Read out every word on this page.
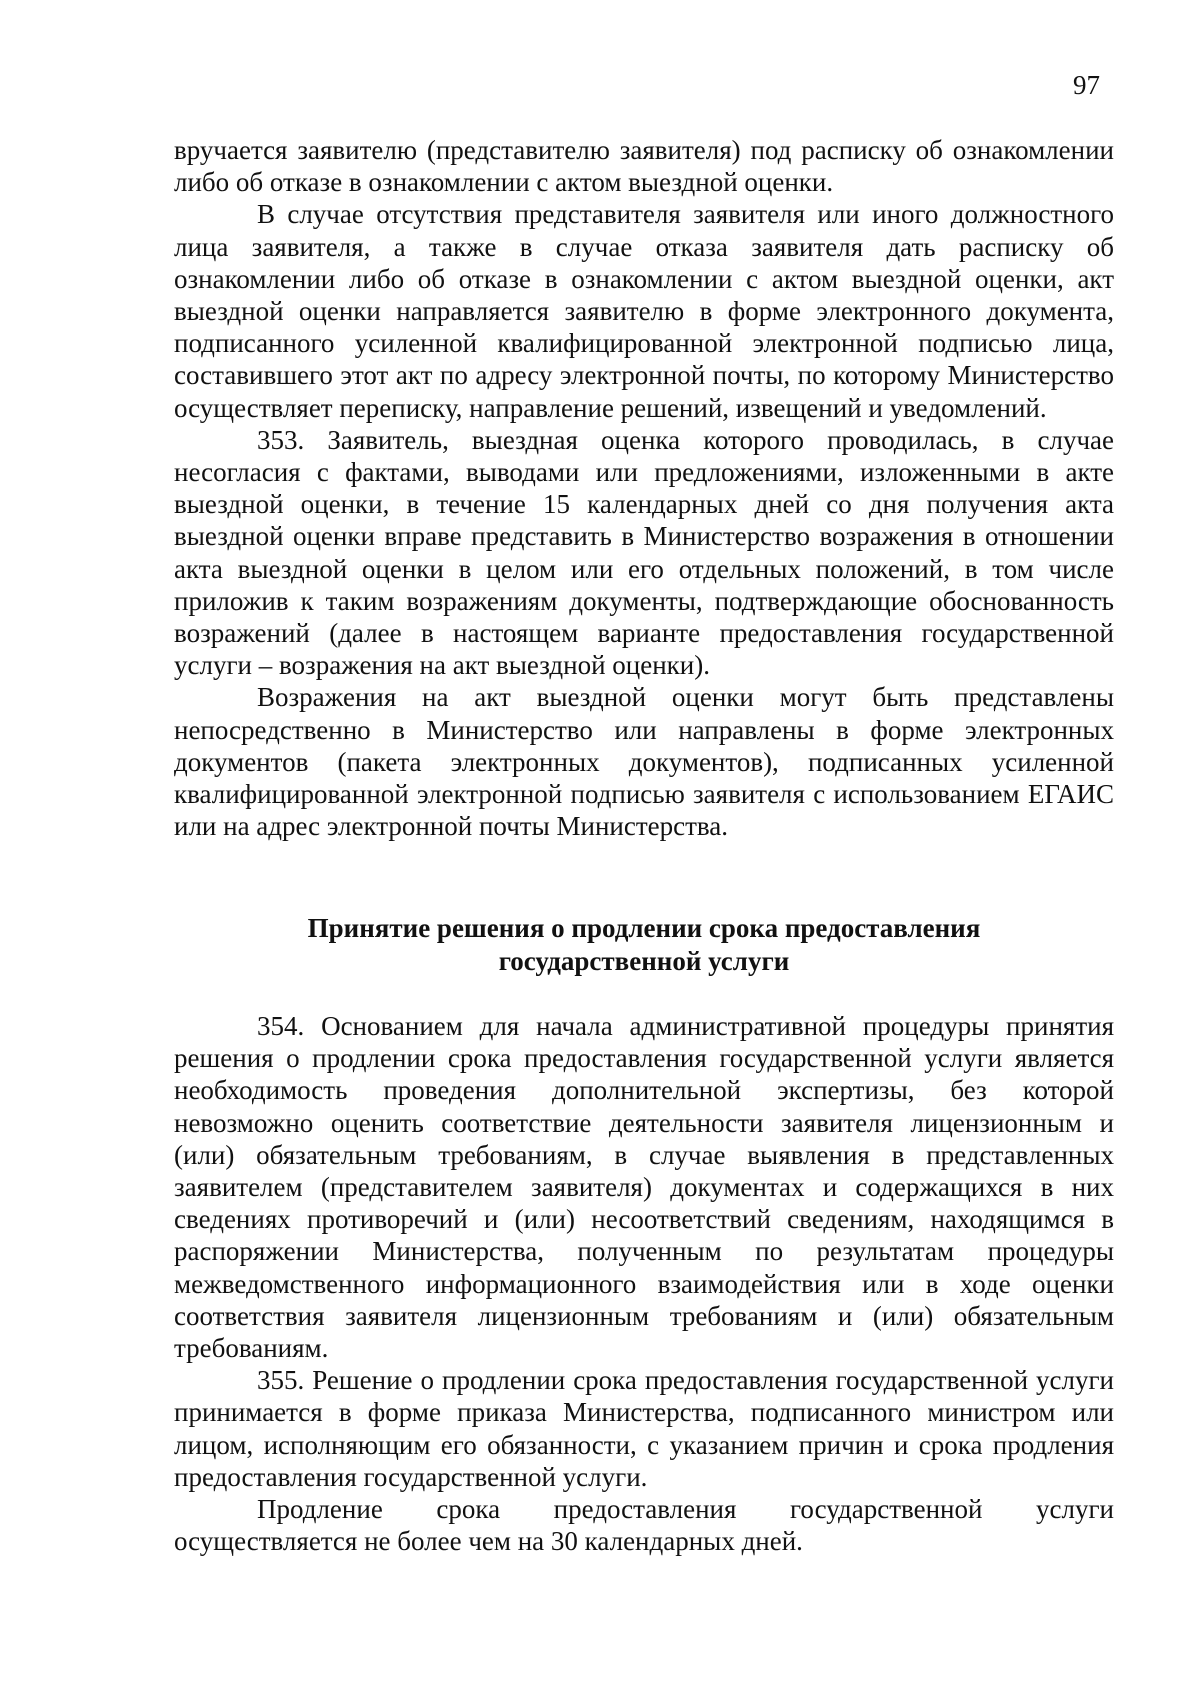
97

вручается заявителю (представителю заявителя) под расписку об ознакомлении либо об отказе в ознакомлении с актом выездной оценки.

В случае отсутствия представителя заявителя или иного должностного лица заявителя, а также в случае отказа заявителя дать расписку об ознакомлении либо об отказе в ознакомлении с актом выездной оценки, акт выездной оценки направляется заявителю в форме электронного документа, подписанного усиленной квалифицированной электронной подписью лица, составившего этот акт по адресу электронной почты, по которому Министерство осуществляет переписку, направление решений, извещений и уведомлений.

353. Заявитель, выездная оценка которого проводилась, в случае несогласия с фактами, выводами или предложениями, изложенными в акте выездной оценки, в течение 15 календарных дней со дня получения акта выездной оценки вправе представить в Министерство возражения в отношении акта выездной оценки в целом или его отдельных положений, в том числе приложив к таким возражениям документы, подтверждающие обоснованность возражений (далее в настоящем варианте предоставления государственной услуги – возражения на акт выездной оценки).

Возражения на акт выездной оценки могут быть представлены непосредственно в Министерство или направлены в форме электронных документов (пакета электронных документов), подписанных усиленной квалифицированной электронной подписью заявителя с использованием ЕГАИС или на адрес электронной почты Министерства.

Принятие решения о продлении срока предоставления
государственной услуги

354. Основанием для начала административной процедуры принятия решения о продлении срока предоставления государственной услуги является необходимость проведения дополнительной экспертизы, без которой невозможно оценить соответствие деятельности заявителя лицензионным и (или) обязательным требованиям, в случае выявления в представленных заявителем (представителем заявителя) документах и содержащихся в них сведениях противоречий и (или) несоответствий сведениям, находящимся в распоряжении Министерства, полученным по результатам процедуры межведомственного информационного взаимодействия или в ходе оценки соответствия заявителя лицензионным требованиям и (или) обязательным требованиям.

355. Решение о продлении срока предоставления государственной услуги принимается в форме приказа Министерства, подписанного министром или лицом, исполняющим его обязанности, с указанием причин и срока продления предоставления государственной услуги.

Продление срока предоставления государственной услуги осуществляется не более чем на 30 календарных дней.
